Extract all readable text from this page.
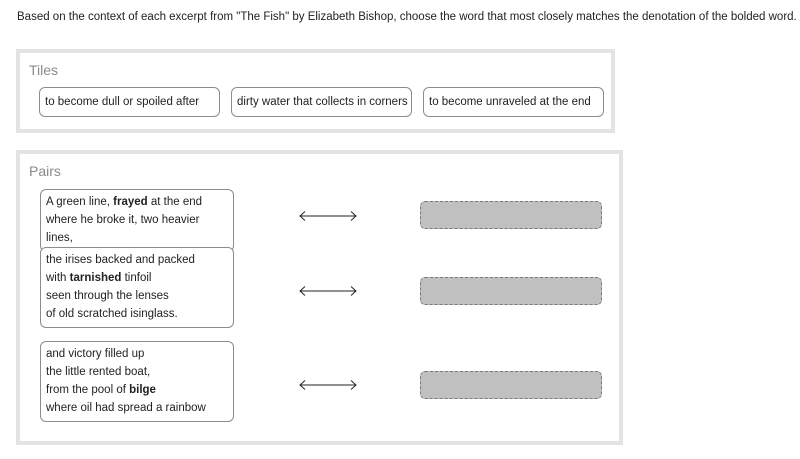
Based on the context of each excerpt from "The Fish" by Elizabeth Bishop, choose the word that most closely matches the denotation of the bolded word.
Tiles
to become dull or spoiled after	dirty water that collects in corners	to become unraveled at the end
Pairs
A green line, frayed at the end
where he broke it, two heavier lines,
the irises backed and packed
with tarnished tinfoil
seen through the lenses
of old scratched isinglass.
and victory filled up
the little rented boat,
from the pool of bilge
where oil had spread a rainbow
